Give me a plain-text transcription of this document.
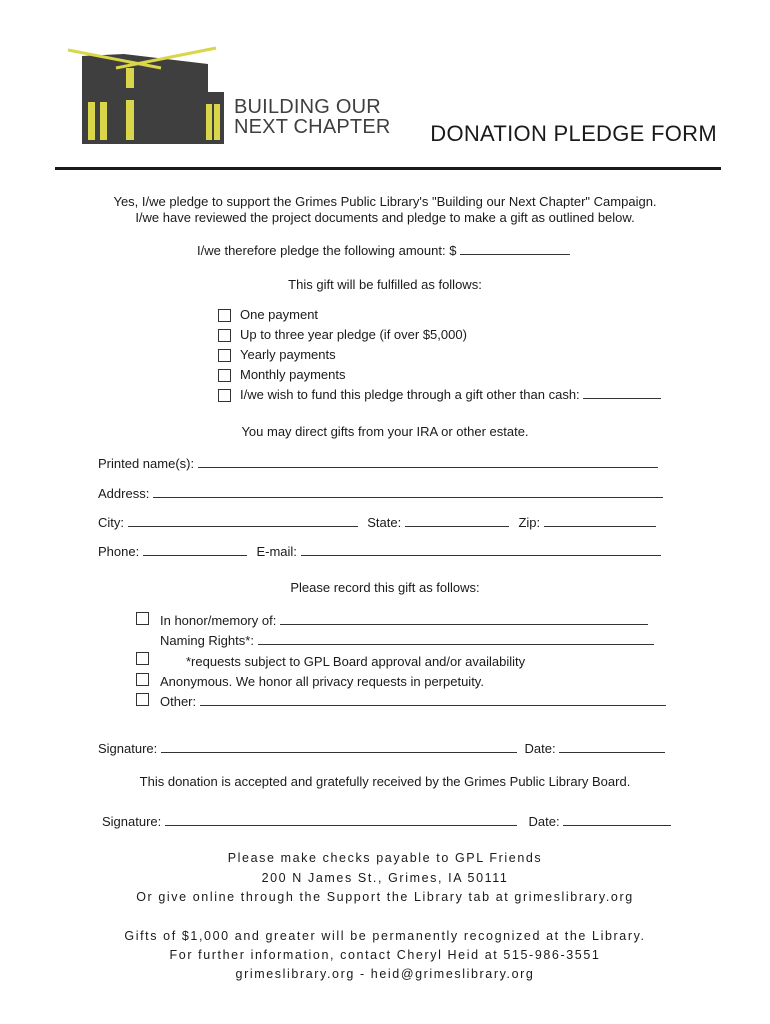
BUILDING OUR
NEXT CHAPTER DONATION PLEDGE FORM
Yes, I/we pledge to support the Grimes Public Library's "Building our Next Chapter" Campaign.
I/we have reviewed the project documents and pledge to make a gift as outlined below.
I/we therefore pledge the following amount: $
This gift will be fulfilled as follows:
One payment
Up to three year pledge (if over $5,000)
Yearly payments
Monthly payments
I/we wish to fund this pledge through a gift other than cash:
You may direct gifts from your IRA or other estate.
Printed name(s):
Address:
City:	State:	Zip:
Phone:	E-mail:
Please record this gift as follows:
In honor/memory of:
Naming Rights*:
*requests subject to GPL Board approval and/or availability
Anonymous. We honor all privacy requests in perpetuity.
Other:
Signature:	Date:
This donation is accepted and gratefully received by the Grimes Public Library Board.
Signature:	Date:
Please make checks payable to GPL Friends
200 N James St., Grimes, IA 50111
Or give online through the Support the Library tab at grimeslibrary.org
Gifts of $1,000 and greater will be permanently recognized at the Library.
For further information, contact Cheryl Heid at 515-986-3551
grimeslibrary.org - heid@grimeslibrary.org
